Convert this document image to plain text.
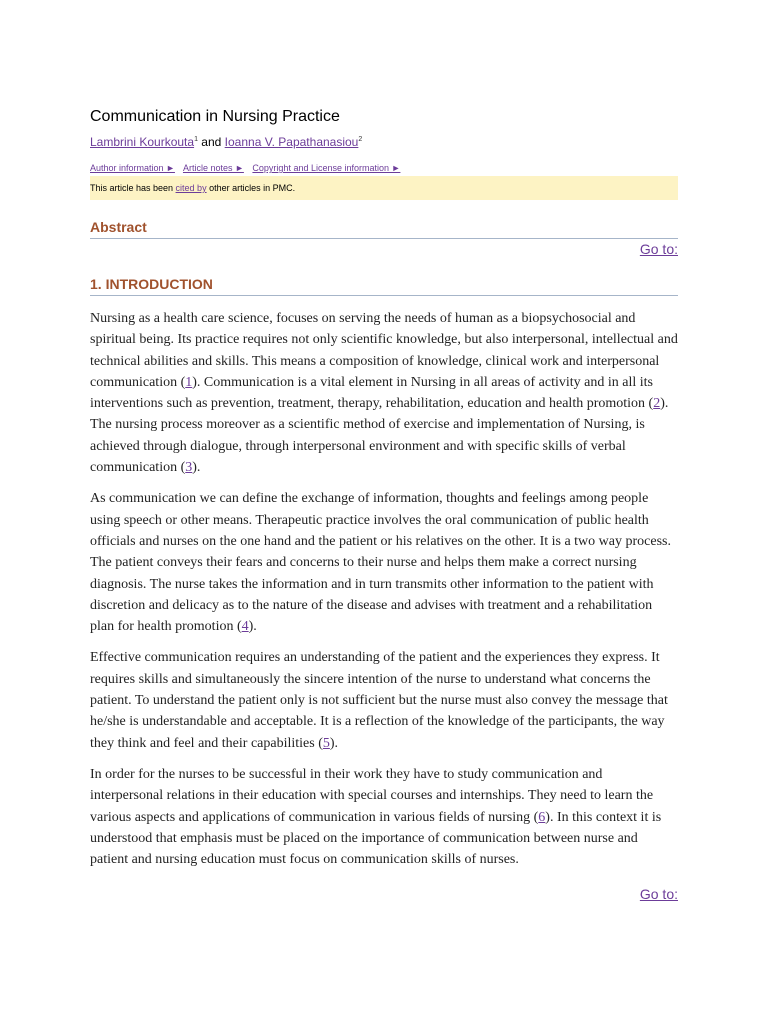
Communication in Nursing Practice
Lambrini Kourkouta$^1$ and Ioanna V. Papathanasiou$^2$
Author information ► Article notes ► Copyright and License information ►
This article has been cited by other articles in PMC.
Abstract
Go to:
1. INTRODUCTION

Nursing as a health care science, focuses on serving the needs of human as a biopsychosocial and spiritual being. Its practice requires not only scientific knowledge, but also interpersonal, intellectual and technical abilities and skills. This means a composition of knowledge, clinical work and interpersonal communication (1). Communication is a vital element in Nursing in all areas of activity and in all its interventions such as prevention, treatment, therapy, rehabilitation, education and health promotion (2). The nursing process moreover as a scientific method of exercise and implementation of Nursing, is achieved through dialogue, through interpersonal environment and with specific skills of verbal communication (3).

As communication we can define the exchange of information, thoughts and feelings among people using speech or other means. Therapeutic practice involves the oral communication of public health officials and nurses on the one hand and the patient or his relatives on the other. It is a two way process. The patient conveys their fears and concerns to their nurse and helps them make a correct nursing diagnosis. The nurse takes the information and in turn transmits other information to the patient with discretion and delicacy as to the nature of the disease and advises with treatment and a rehabilitation plan for health promotion (4).

Effective communication requires an understanding of the patient and the experiences they express. It requires skills and simultaneously the sincere intention of the nurse to understand what concerns the patient. To understand the patient only is not sufficient but the nurse must also convey the message that he/she is understandable and acceptable. It is a reflection of the knowledge of the participants, the way they think and feel and their capabilities (5).

In order for the nurses to be successful in their work they have to study communication and interpersonal relations in their education with special courses and internships. They need to learn the various aspects and applications of communication in various fields of nursing (6). In this context it is understood that emphasis must be placed on the importance of communication between nurse and patient and nursing education must focus on communication skills of nurses.

Go to:
